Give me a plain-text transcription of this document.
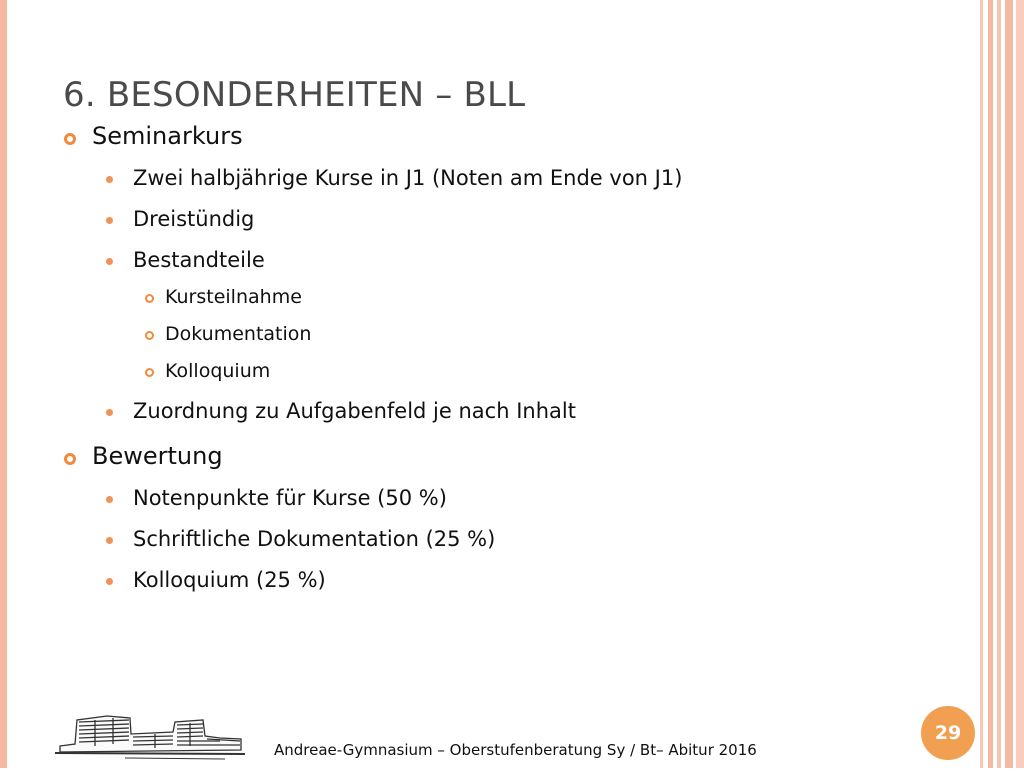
6. BESONDERHEITEN – BLL
Seminarkurs
Zwei halbjährige Kurse in J1 (Noten am Ende von J1)
Dreistündig
Bestandteile
Kursteilnahme
Dokumentation
Kolloquium
Zuordnung zu Aufgabenfeld je nach Inhalt
Bewertung
Notenpunkte für Kurse (50 %)
Schriftliche Dokumentation (25 %)
Kolloquium (25 %)
Andreae-Gymnasium – Oberstufenberatung Sy / Bt– Abitur 2016
29
